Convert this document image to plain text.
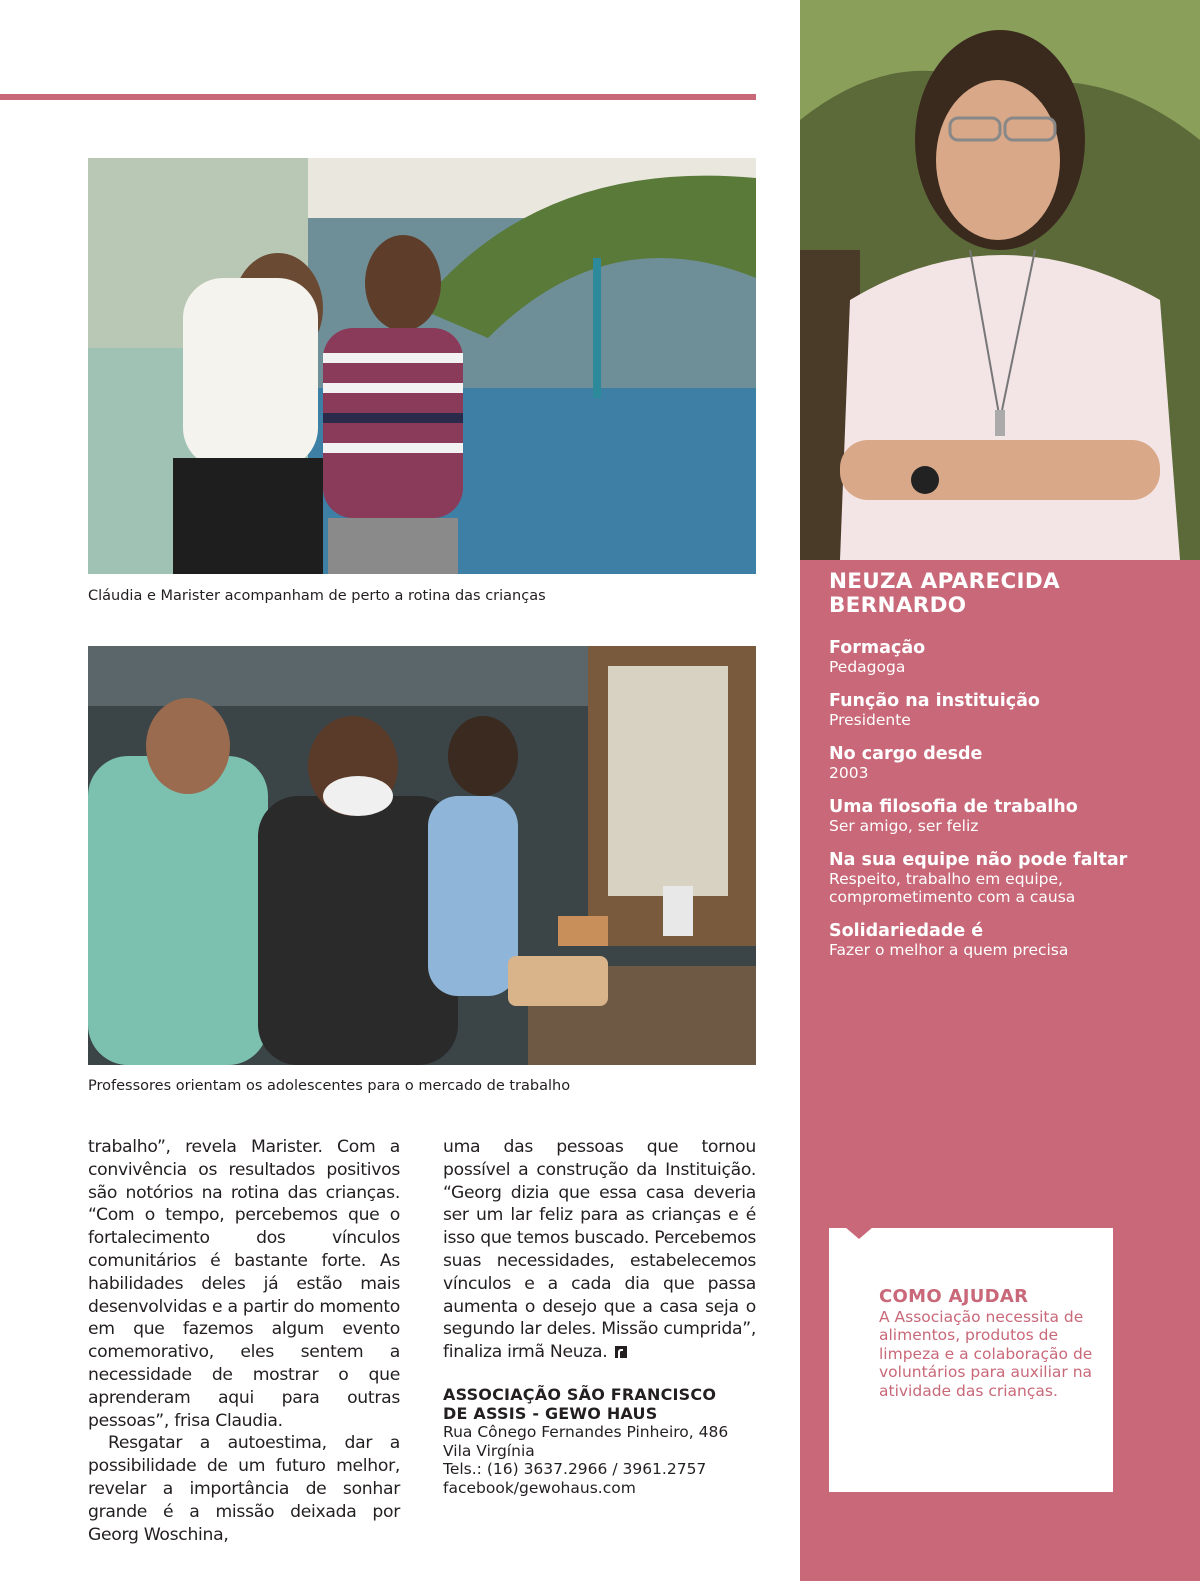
Cláudia e Marister acompanham de perto a rotina das crianças
Professores orientam os adolescentes para o mercado de trabalho

trabalho”, revela Marister. Com a convivência os resultados positivos são notórios na rotina das crianças. “Com o tempo, percebemos que o fortalecimento dos vínculos comunitários é bastante forte. As habilidades deles já estão mais desenvolvidas e a partir do momento em que fazemos algum evento comemorativo, eles sentem a necessidade de mostrar o que aprenderam aqui para outras pessoas”, frisa Claudia.

Resgatar a autoestima, dar a possibilidade de um futuro melhor, revelar a importância de sonhar grande é a missão deixada por Georg Woschina,

uma das pessoas que tornou possível a construção da Instituição. “Georg dizia que essa casa deveria ser um lar feliz para as crianças e é isso que temos buscado. Percebemos suas necessidades, estabelecemos vínculos e a cada dia que passa aumenta o desejo que a casa seja o segundo lar deles. Missão cumprida”, finaliza irmã Neuza.

ASSOCIAÇÃO SÃO FRANCISCO
DE ASSIS - GEWO HAUS
Rua Cônego Fernandes Pinheiro, 486
Vila Virgínia
Tels.: (16) 3637.2966 / 3961.2757
facebook/gewohaus.com
NEUZA APARECIDA
BERNARDO
Formação
Pedagoga
Função na instituição
Presidente
No cargo desde
2003
Uma filosofia de trabalho
Ser amigo, ser feliz
Na sua equipe não pode faltar
Respeito, trabalho em equipe, comprometimento com a causa
Solidariedade é
Fazer o melhor a quem precisa
COMO AJUDAR
A Associação necessita de alimentos, produtos de limpeza e a colaboração de voluntários para auxiliar na atividade das crianças.
